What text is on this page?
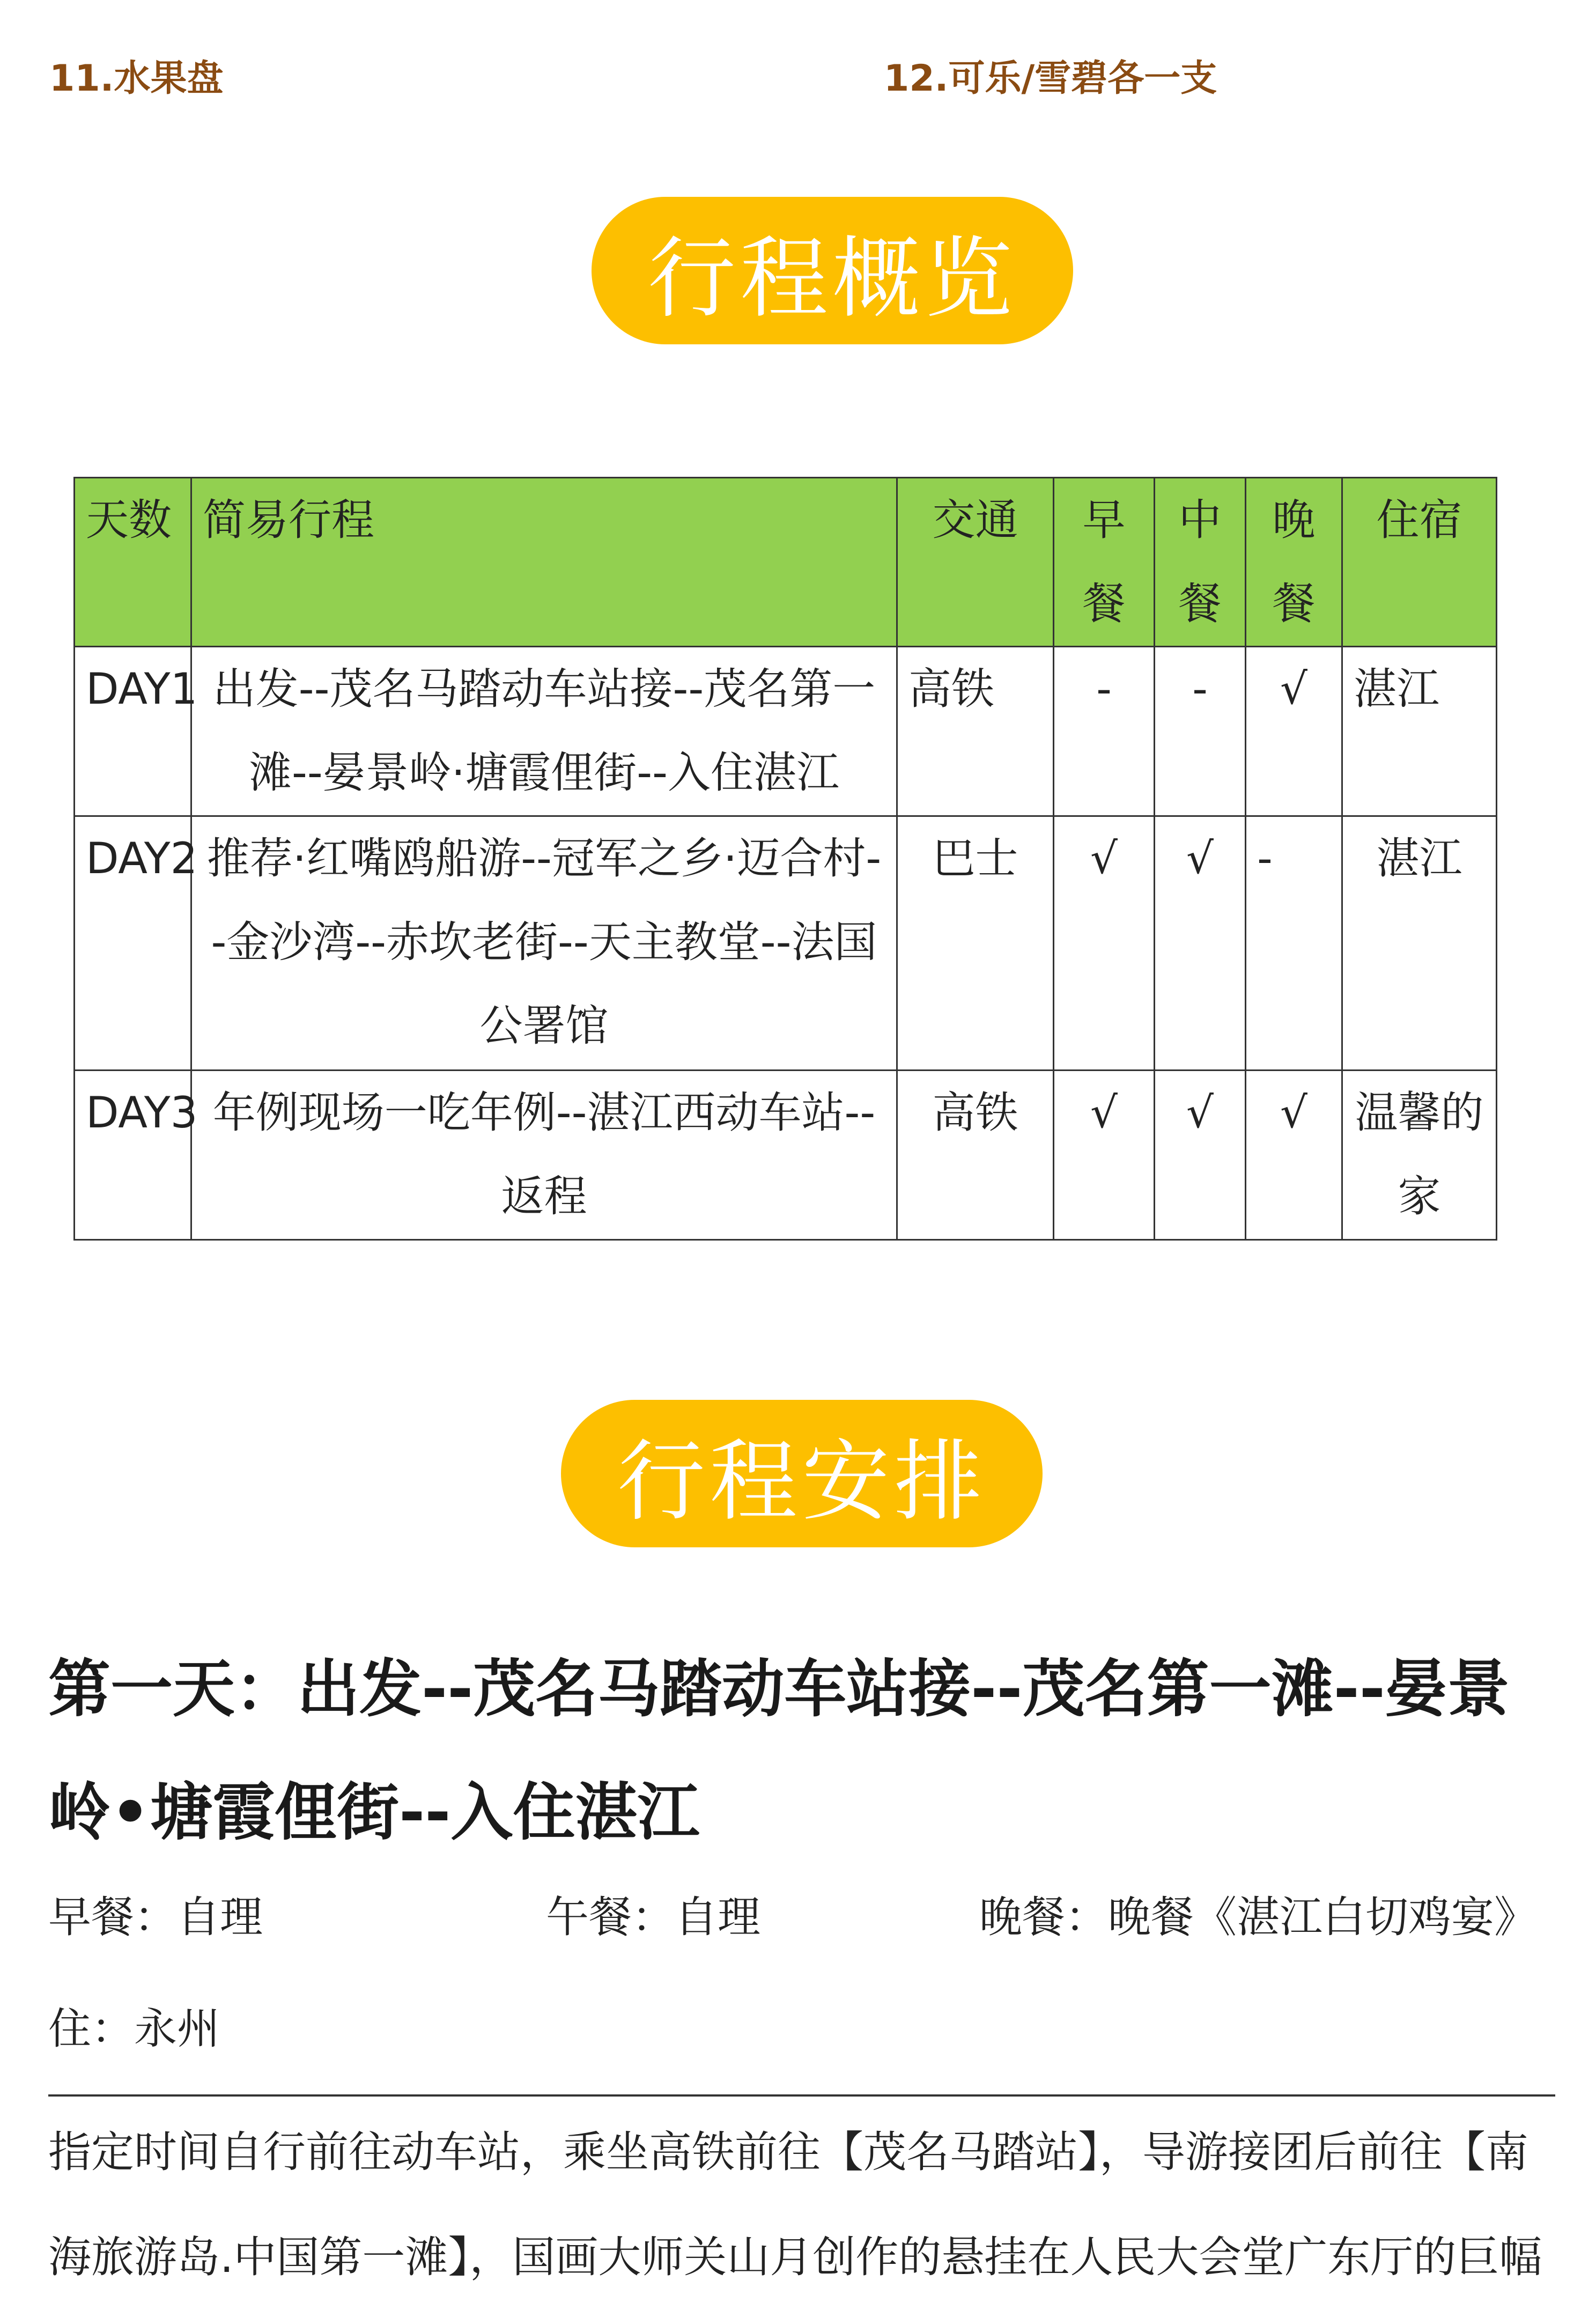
11.水果盘	12.可乐/雪碧各一支
行程概览
天数	简易行程	交通	早餐	中餐	晚餐	住宿
DAY1	出发--茂名马踏动车站接--茂名第一滩--晏景岭·塘霞俚街--入住湛江	高铁	-	-	√	湛江
DAY2	推荐·红嘴鸥船游--冠军之乡·迈合村--金沙湾--赤坎老街--天主教堂--法国公署馆	巴士	√	√	-	湛江
DAY3	年例现场一吃年例--湛江西动车站--返程	高铁	√	√	√	温馨的家
行程安排
第一天：出发--茂名马踏动车站接--茂名第一滩--晏景岭•塘霞俚街--入住湛江
早餐：自理	午餐：自理	晚餐：晚餐《湛江白切鸡宴》
住：永州
指定时间自行前往动车站，乘坐高铁前往【茂名马踏站】，导游接团后前往【南海旅游岛.中国第一滩】，国画大师关山月创作的悬挂在人民大会堂广东厅的巨幅
